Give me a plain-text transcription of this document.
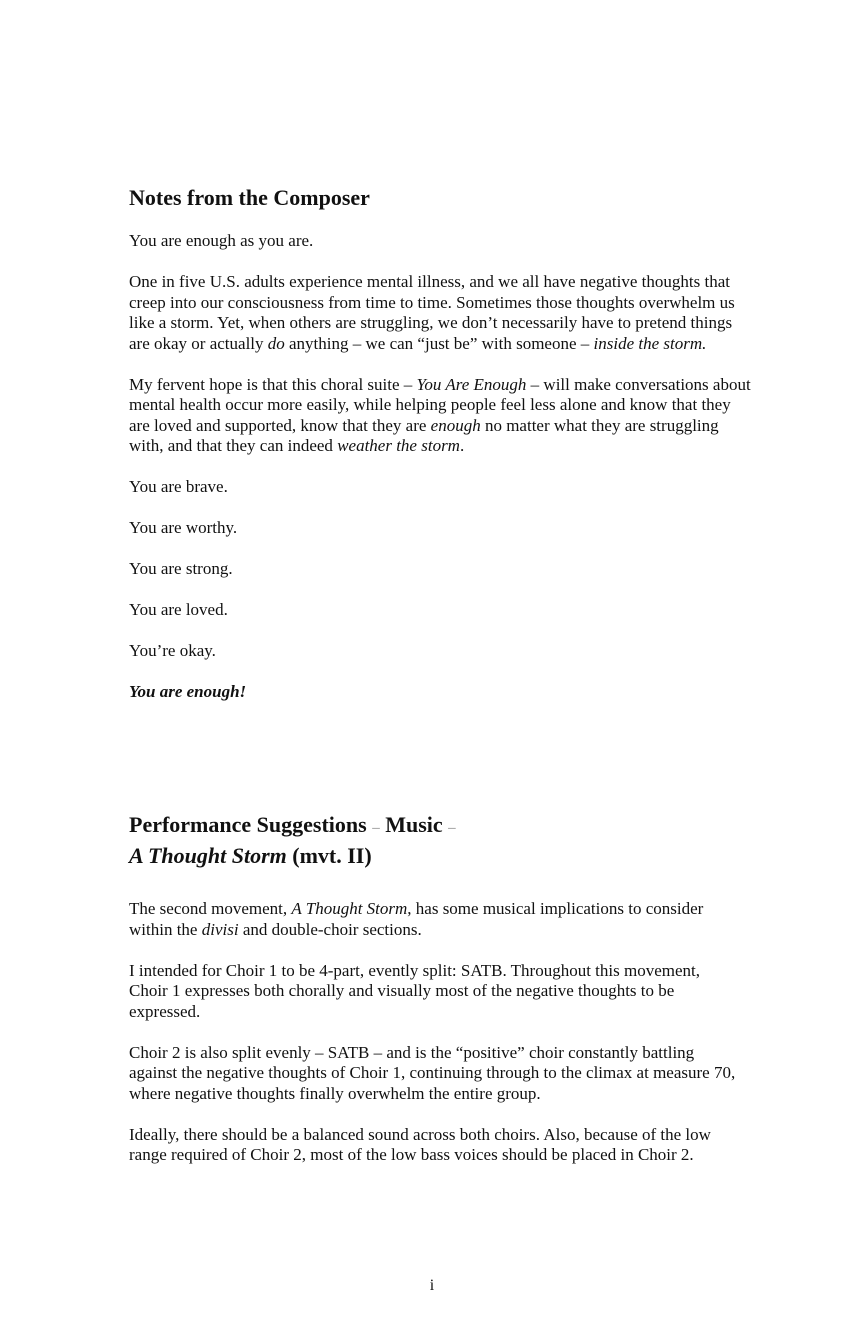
Notes from the Composer

You are enough as you are.

One in five U.S. adults experience mental illness, and we all have negative thoughts that
creep into our consciousness from time to time. Sometimes those thoughts overwhelm us
like a storm. Yet, when others are struggling, we don’t necessarily have to pretend things
are okay or actually do anything – we can “just be” with someone – inside the storm.

My fervent hope is that this choral suite – You Are Enough – will make conversations about
mental health occur more easily, while helping people feel less alone and know that they
are loved and supported, know that they are enough no matter what they are struggling
with, and that they can indeed weather the storm.

You are brave.

You are worthy.

You are strong.

You are loved.

You’re okay.

You are enough!

Performance Suggestions – Music –
A Thought Storm (mvt. II)

The second movement, A Thought Storm, has some musical implications to consider
within the divisi and double-choir sections.

I intended for Choir 1 to be 4-part, evently split: SATB. Throughout this movement,
Choir 1 expresses both chorally and visually most of the negative thoughts to be
expressed.

Choir 2 is also split evenly – SATB – and is the “positive” choir constantly battling
against the negative thoughts of Choir 1, continuing through to the climax at measure 70,
where negative thoughts finally overwhelm the entire group.

Ideally, there should be a balanced sound across both choirs. Also, because of the low
range required of Choir 2, most of the low bass voices should be placed in Choir 2.

i
